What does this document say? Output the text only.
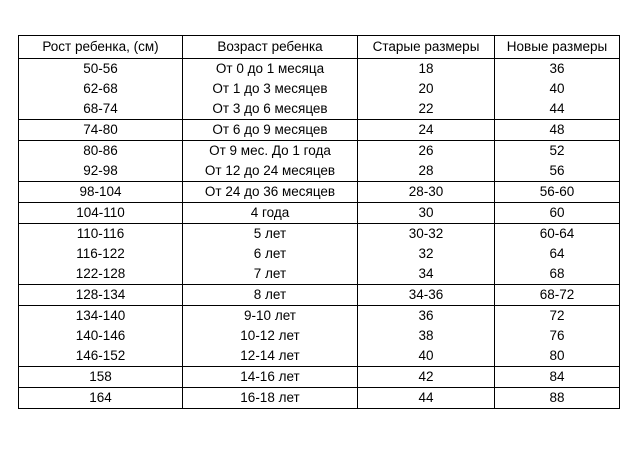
Рост ребенка, (см)	Возраст ребенка	Старые размеры	Новые размеры
50-56	От 0 до 1 месяца	18	36
62-68	От 1 до 3 месяцев	20	40
68-74	От 3 до 6 месяцев	22	44
74-80	От 6 до 9 месяцев	24	48
80-86	От 9 мес. До 1 года	26	52
92-98	От 12 до 24 месяцев	28	56
98-104	От 24 до 36 месяцев	28-30	56-60
104-110	4 года	30	60
110-116	5 лет	30-32	60-64
116-122	6 лет	32	64
122-128	7 лет	34	68
128-134	8 лет	34-36	68-72
134-140	9-10 лет	36	72
140-146	10-12 лет	38	76
146-152	12-14 лет	40	80
158	14-16 лет	42	84
164	16-18 лет	44	88
